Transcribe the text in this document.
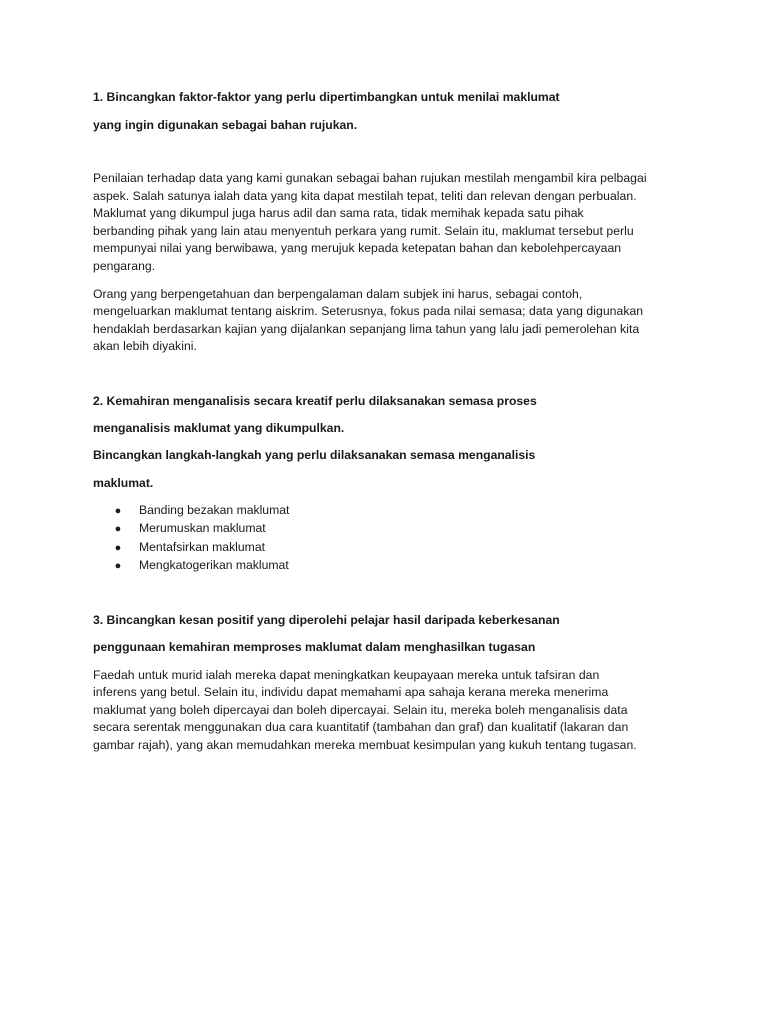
1. Bincangkan faktor-faktor yang perlu dipertimbangkan untuk menilai maklumat

yang ingin digunakan sebagai bahan rujukan.

Penilaian terhadap data yang kami gunakan sebagai bahan rujukan mestilah mengambil kira pelbagai

aspek. Salah satunya ialah data yang kita dapat mestilah tepat, teliti dan relevan dengan perbualan.

Maklumat yang dikumpul juga harus adil dan sama rata, tidak memihak kepada satu pihak

berbanding pihak yang lain atau menyentuh perkara yang rumit. Selain itu, maklumat tersebut perlu

mempunyai nilai yang berwibawa, yang merujuk kepada ketepatan bahan dan kebolehpercayaan

pengarang.

Orang yang berpengetahuan dan berpengalaman dalam subjek ini harus, sebagai contoh,

mengeluarkan maklumat tentang aiskrim. Seterusnya, fokus pada nilai semasa; data yang digunakan

hendaklah berdasarkan kajian yang dijalankan sepanjang lima tahun yang lalu jadi pemerolehan kita

akan lebih diyakini.

2. Kemahiran menganalisis secara kreatif perlu dilaksanakan semasa proses

menganalisis maklumat yang dikumpulkan.

Bincangkan langkah-langkah yang perlu dilaksanakan semasa menganalisis

maklumat.

● Banding bezakan maklumat
● Merumuskan maklumat
● Mentafsirkan maklumat
● Mengkatogerikan maklumat

3. Bincangkan kesan positif yang diperolehi pelajar hasil daripada keberkesanan

penggunaan kemahiran memproses maklumat dalam menghasilkan tugasan

Faedah untuk murid ialah mereka dapat meningkatkan keupayaan mereka untuk tafsiran dan

inferens yang betul. Selain itu, individu dapat memahami apa sahaja kerana mereka menerima

maklumat yang boleh dipercayai dan boleh dipercayai. Selain itu, mereka boleh menganalisis data

secara serentak menggunakan dua cara kuantitatif (tambahan dan graf) dan kualitatif (lakaran dan

gambar rajah), yang akan memudahkan mereka membuat kesimpulan yang kukuh tentang tugasan.
